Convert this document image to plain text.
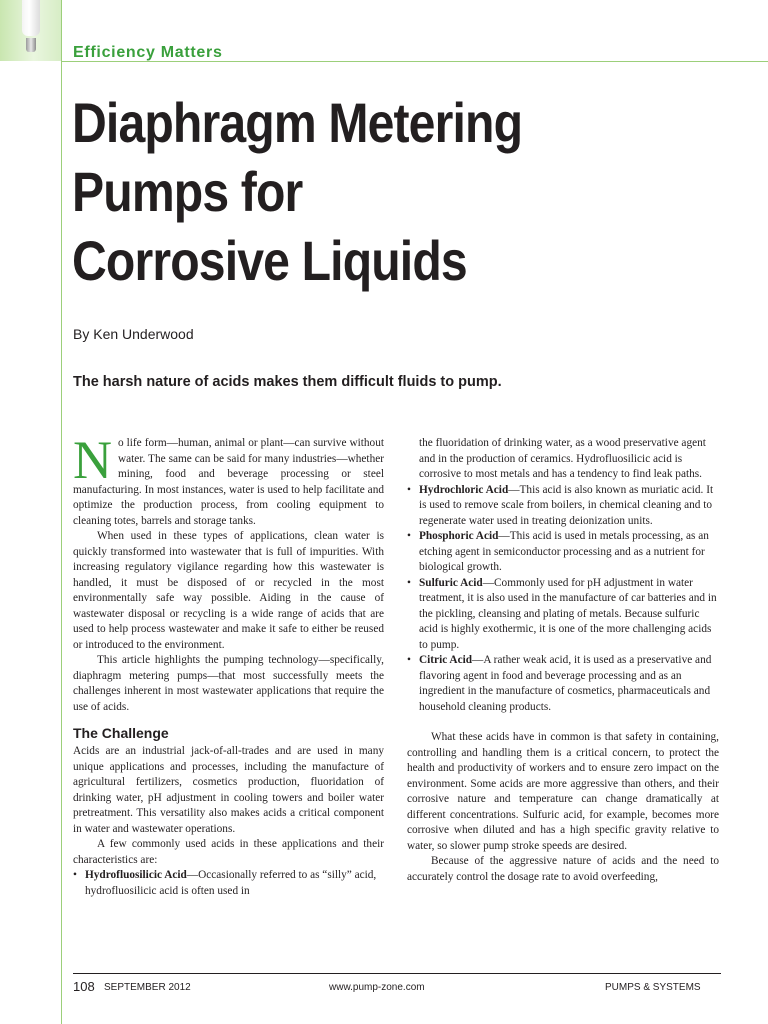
Efficiency Matters
Diaphragm Metering
Pumps for
Corrosive Liquids
By Ken Underwood
The harsh nature of acids makes them difficult fluids to pump.

No life form—human, animal or plant—can survive without water. The same can be said for many industries—whether mining, food and beverage processing or steel manufacturing. In most instances, water is used to help facilitate and optimize the production process, from cooling equipment to cleaning totes, barrels and storage tanks.

When used in these types of applications, clean water is quickly transformed into wastewater that is full of impurities. With increasing regulatory vigilance regarding how this wastewater is handled, it must be disposed of or recycled in the most environmentally safe way possible. Aiding in the cause of wastewater disposal or recycling is a wide range of acids that are used to help process wastewater and make it safe to either be reused or introduced to the environment.

This article highlights the pumping technology—specifically, diaphragm metering pumps—that most successfully meets the challenges inherent in most wastewater applications that require the use of acids.

The Challenge

Acids are an industrial jack-of-all-trades and are used in many unique applications and processes, including the manufacture of agricultural fertilizers, cosmetics production, fluoridation of drinking water, pH adjustment in cooling towers and boiler water pretreatment. This versatility also makes acids a critical component in water and wastewater operations.

A few commonly used acids in these applications and their characteristics are:

• Hydrofluosilicic Acid—Occasionally referred to as “silly” acid, hydrofluosilicic acid is often used in
the fluoridation of drinking water, as a wood preservative agent and in the production of ceramics. Hydrofluosilicic acid is corrosive to most metals and has a tendency to find leak paths.
• Hydrochloric Acid—This acid is also known as muriatic acid. It is used to remove scale from boilers, in chemical cleaning and to regenerate water used in treating deionization units.
• Phosphoric Acid—This acid is used in metals processing, as an etching agent in semiconductor processing and as a nutrient for biological growth.
• Sulfuric Acid—Commonly used for pH adjustment in water treatment, it is also used in the manufacture of car batteries and in the pickling, cleansing and plating of metals. Because sulfuric acid is highly exothermic, it is one of the more challenging acids to pump.
• Citric Acid—A rather weak acid, it is used as a preservative and flavoring agent in food and beverage processing and as an ingredient in the manufacture of cosmetics, pharmaceuticals and household cleaning products.

What these acids have in common is that safety in containing, controlling and handling them is a critical concern, to protect the health and productivity of workers and to ensure zero impact on the environment. Some acids are more aggressive than others, and their corrosive nature and temperature can change dramatically at different concentrations. Sulfuric acid, for example, becomes more corrosive when diluted and has a high specific gravity relative to water, so slower pump stroke speeds are desired.

Because of the aggressive nature of acids and the need to accurately control the dosage rate to avoid overfeeding,

108 SEPTEMBER 2012	www.pump-zone.com	PUMPS & SYSTEMS
